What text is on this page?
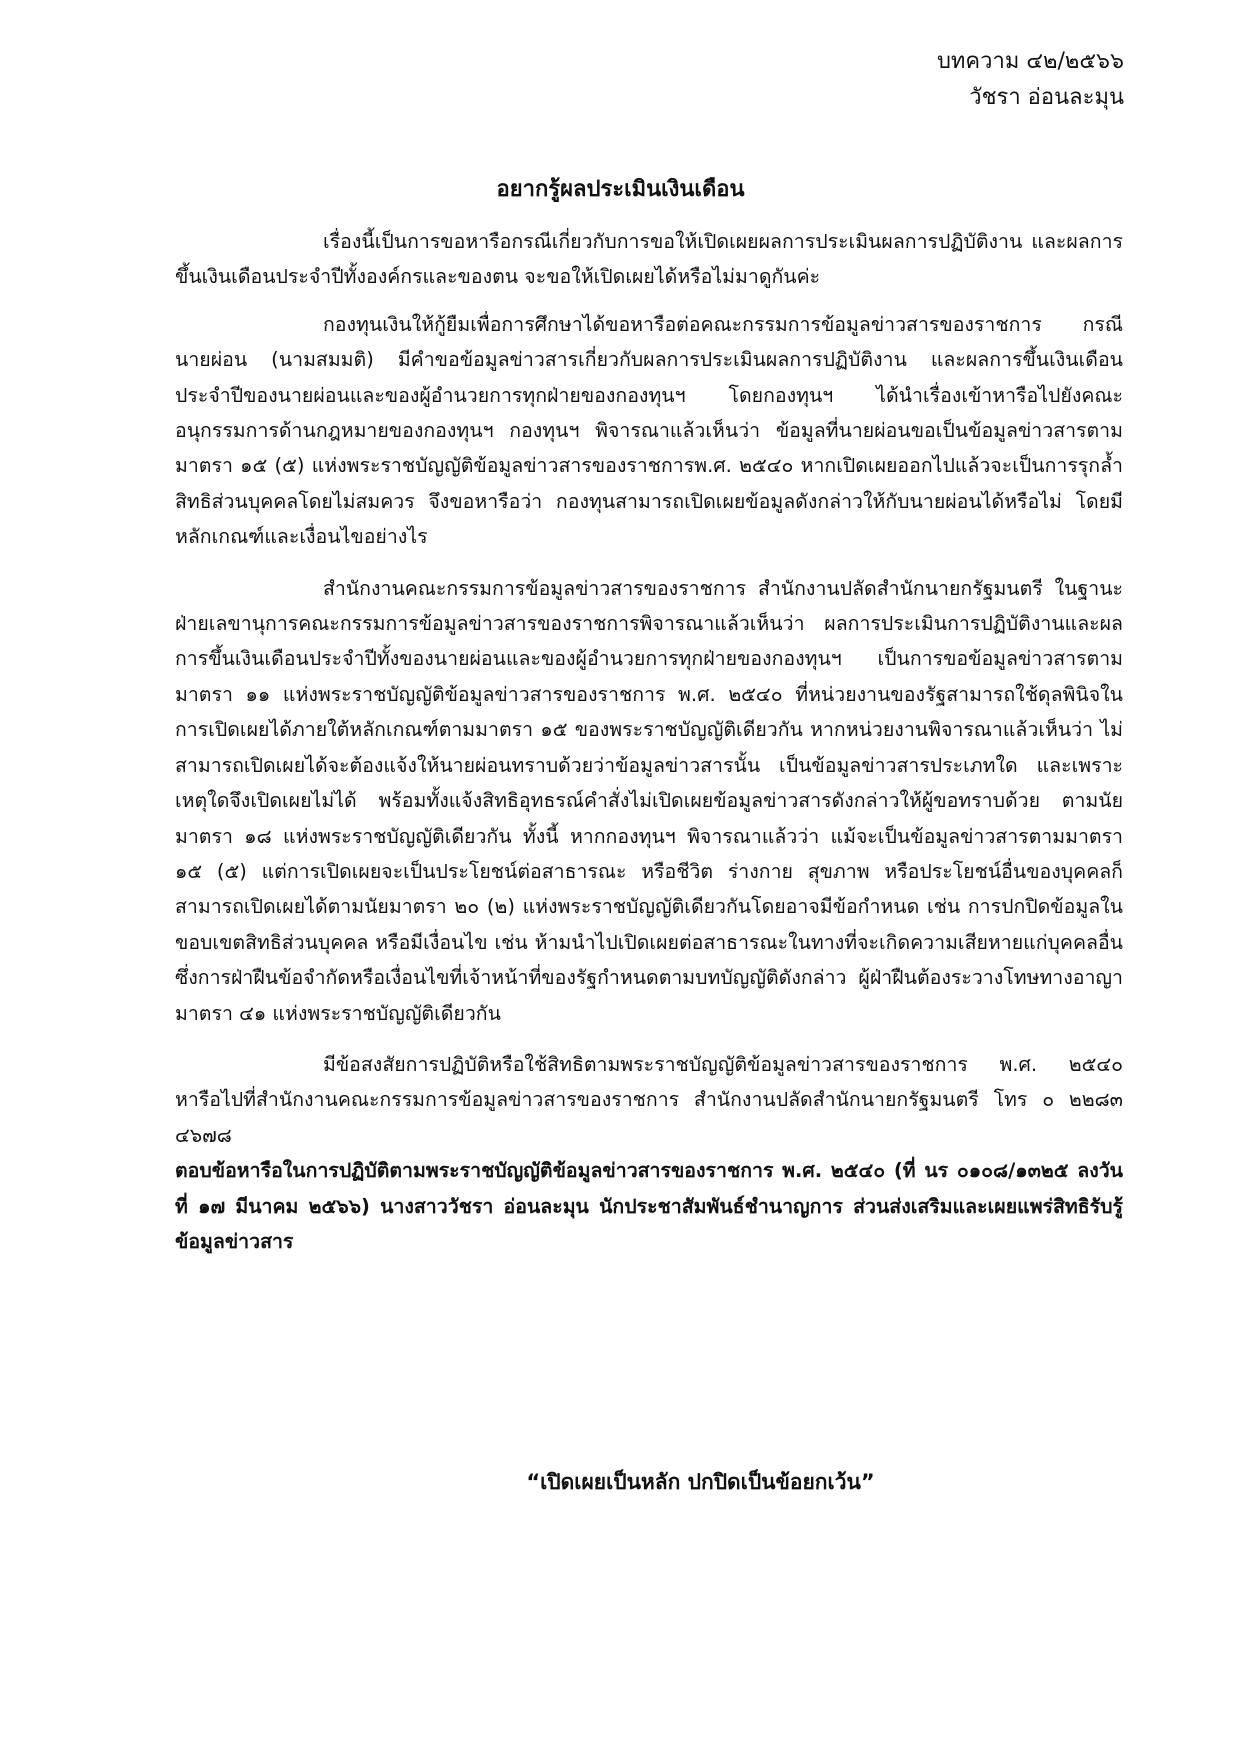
บทความ ๔๒/๒๕๖๖
วัชรา อ่อนละมุน
อยากรู้ผลประเมินเงินเดือน

เรื่องนี้เป็นการขอหารือกรณีเกี่ยวกับการขอให้เปิดเผยผลการประเมินผลการปฏิบัติงาน และผลการขึ้นเงินเดือนประจำปีทั้งองค์กรและของตน จะขอให้เปิดเผยได้หรือไม่มาดูกันค่ะ

กองทุนเงินให้กู้ยืมเพื่อการศึกษาได้ขอหารือต่อคณะกรรมการข้อมูลข่าวสารของราชการ กรณีนายผ่อน (นามสมมติ) มีคำขอข้อมูลข่าวสารเกี่ยวกับผลการประเมินผลการปฏิบัติงาน และผลการขึ้นเงินเดือนประจำปีของนายผ่อนและของผู้อำนวยการทุกฝ่ายของกองทุนฯ โดยกองทุนฯ ได้นำเรื่องเข้าหารือไปยังคณะอนุกรรมการด้านกฎหมายของกองทุนฯ กองทุนฯ พิจารณาแล้วเห็นว่า ข้อมูลที่นายผ่อนขอเป็นข้อมูลข่าวสารตามมาตรา ๑๕ (๕) แห่งพระราชบัญญัติข้อมูลข่าวสารของราชการพ.ศ. ๒๕๔๐ หากเปิดเผยออกไปแล้วจะเป็นการรุกล้ำสิทธิส่วนบุคคลโดยไม่สมควร จึงขอหารือว่า กองทุนสามารถเปิดเผยข้อมูลดังกล่าวให้กับนายผ่อนได้หรือไม่ โดยมีหลักเกณฑ์และเงื่อนไขอย่างไร

สำนักงานคณะกรรมการข้อมูลข่าวสารของราชการ สำนักงานปลัดสำนักนายกรัฐมนตรี ในฐานะฝ่ายเลขานุการคณะกรรมการข้อมูลข่าวสารของราชการพิจารณาแล้วเห็นว่า ผลการประเมินการปฏิบัติงานและผลการขึ้นเงินเดือนประจำปีทั้งของนายผ่อนและของผู้อำนวยการทุกฝ่ายของกองทุนฯ เป็นการขอข้อมูลข่าวสารตามมาตรา ๑๑ แห่งพระราชบัญญัติข้อมูลข่าวสารของราชการ พ.ศ. ๒๕๔๐ ที่หน่วยงานของรัฐสามารถใช้ดุลพินิจในการเปิดเผยได้ภายใต้หลักเกณฑ์ตามมาตรา ๑๕ ของพระราชบัญญัติเดียวกัน หากหน่วยงานพิจารณาแล้วเห็นว่า ไม่สามารถเปิดเผยได้จะต้องแจ้งให้นายผ่อนทราบด้วยว่าข้อมูลข่าวสารนั้น เป็นข้อมูลข่าวสารประเภทใด และเพราะเหตุใดจึงเปิดเผยไม่ได้ พร้อมทั้งแจ้งสิทธิอุทธรณ์คำสั่งไม่เปิดเผยข้อมูลข่าวสารดังกล่าวให้ผู้ขอทราบด้วย ตามนัยมาตรา ๑๘ แห่งพระราชบัญญัติเดียวกัน ทั้งนี้ หากกองทุนฯ พิจารณาแล้วว่า แม้จะเป็นข้อมูลข่าวสารตามมาตรา ๑๕ (๕) แต่การเปิดเผยจะเป็นประโยชน์ต่อสาธารณะ หรือชีวิต ร่างกาย สุขภาพ หรือประโยชน์อื่นของบุคคลก็สามารถเปิดเผยได้ตามนัยมาตรา ๒๐ (๒) แห่งพระราชบัญญัติเดียวกันโดยอาจมีข้อกำหนด เช่น การปกปิดข้อมูลในขอบเขตสิทธิส่วนบุคคล หรือมีเงื่อนไข เช่น ห้ามนำไปเปิดเผยต่อสาธารณะในทางที่จะเกิดความเสียหายแก่บุคคลอื่น ซึ่งการฝ่าฝืนข้อจำกัดหรือเงื่อนไขที่เจ้าหน้าที่ของรัฐกำหนดตามบทบัญญัติดังกล่าว ผู้ฝ่าฝืนต้องระวางโทษทางอาญามาตรา ๔๑ แห่งพระราชบัญญัติเดียวกัน

มีข้อสงสัยการปฏิบัติหรือใช้สิทธิตามพระราชบัญญัติข้อมูลข่าวสารของราชการ พ.ศ. ๒๕๔๐ หารือไปที่สำนักงานคณะกรรมการข้อมูลข่าวสารของราชการ สำนักงานปลัดสำนักนายกรัฐมนตรี โทร ๐ ๒๒๘๓ ๔๖๗๘

ตอบข้อหารือในการปฏิบัติตามพระราชบัญญัติข้อมูลข่าวสารของราชการ พ.ศ. ๒๕๔๐ (ที่ นร ๐๑๐๘/๑๓๒๕ ลงวันที่ ๑๗ มีนาคม ๒๕๖๖) นางสาววัชรา อ่อนละมุน นักประชาสัมพันธ์ชำนาญการ ส่วนส่งเสริมและเผยแพร่สิทธิรับรู้ข้อมูลข่าวสาร

“เปิดเผยเป็นหลัก ปกปิดเป็นข้อยกเว้น”
